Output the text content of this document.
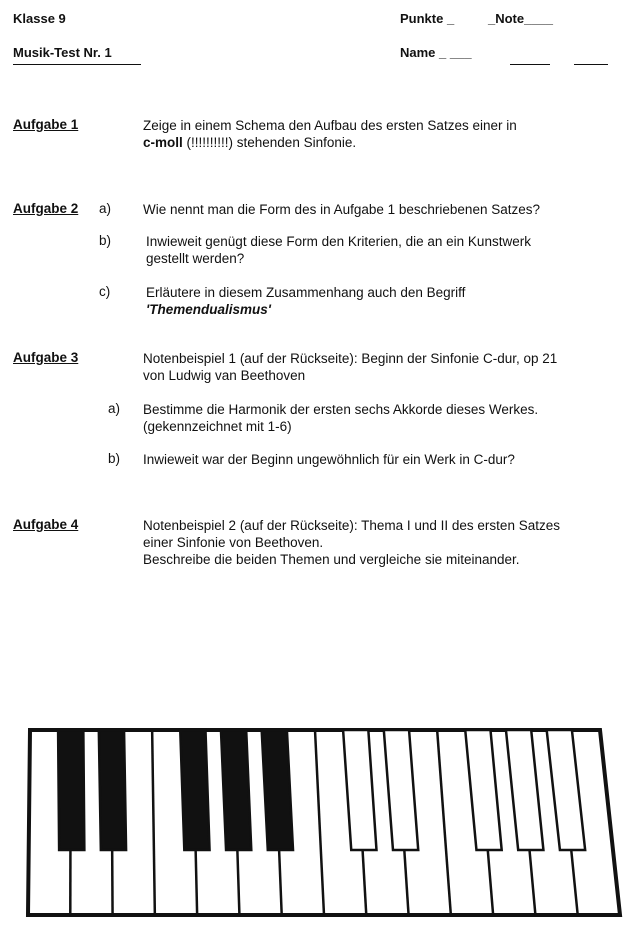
Klasse 9	Punkte _	_Note____
Musik-Test Nr. 1	Name _ ___
Aufgabe 1	Zeige in einem Schema den Aufbau des ersten Satzes einer in
c-moll (!!!!!!!!!!) stehenden Sinfonie.
Aufgabe 2 a) Wie nennt man die Form des in Aufgabe 1 beschriebenen Satzes?
b)	Inwieweit genügt diese Form den Kriterien, die an ein Kunstwerk
gestellt werden?
c)	Erläutere in diesem Zusammenhang auch den Begriff
'Themendualismus'
Aufgabe 3	Notenbeispiel 1 (auf der Rückseite): Beginn der Sinfonie C-dur, op 21
von Ludwig van Beethoven
a) Bestimme die Harmonik der ersten sechs Akkorde dieses Werkes.
(gekennzeichnet mit 1-6)
b) Inwieweit war der Beginn ungewöhnlich für ein Werk in C-dur?
Aufgabe 4	Notenbeispiel 2 (auf der Rückseite): Thema I und II des ersten Satzes
einer Sinfonie von Beethoven.
Beschreibe die beiden Themen und vergleiche sie miteinander.
